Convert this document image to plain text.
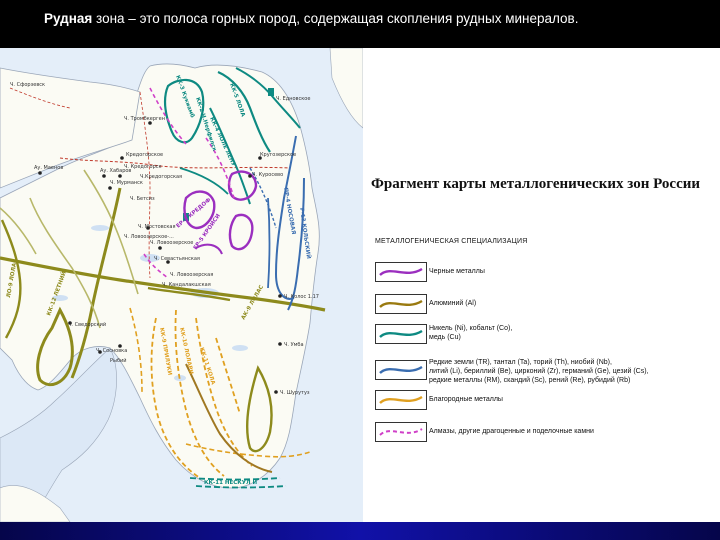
Рудная зона – это полоса горных пород, содержащая скопления рудных минералов.
Ч. Тромбкерген
Ч. Сфорзевск
Ч. Едновское
Кредогорское	Кругозерское
Ч. Кредогорск
Ч.Кредогорская
Ч. Мурманск
Ч. Куросево
Ч. Мостовская
Ч. Бетсиз
Ч. Ловоозерское
Ч. Севастьянская
Ч. Ловоозерская
Ч. Колос 1.17
Ч. Кандалакшская
Ч. Умба
Ч. Сосновка
Ч. Шурутуз
Рыбий
Ау. Маенов	Ау. Хабаров
Ч. Сведорский
Ч. Ловоозерское-...
КК-3 Кукиамб
КК-2 Ч.Нерфилск
ЕР-3 КРЕДОФ
ЕР-5 КРОИСИ	ПР-4 НОСОВАЯ
КК-4 ЛОЛЕ ЛЕНУ
КК-5 ЛОЛА
Р-13 КОЛЬСКИЙ
КК-9 ПРИЛУКИ КК-10 ЛОЛАРИ КК-11 КОЛА
КК-12 ЛЕТНИЙ	АК-9 ЛОЛАС
КК-11 НЕСКУЛ И
ЛО-9 ЛОЛАС
Фрагмент карты металлогенических зон России
МЕТАЛЛОГЕНИЧЕСКАЯ СПЕЦИАЛИЗАЦИЯ
Черные металлы
Алюминий (Al)
Никель (Ni), кобальт (Co),
медь (Cu)
Редкие земли (TR), тантал (Ta), торий (Th), ниобий (Nb),
литий (Li), бериллий (Be), цирконий (Zr), германий (Ge), цезий (Cs),
редкие металлы (RM), скандий (Sc), рений (Re), рубидий (Rb)
Благородные металлы
Алмазы, другие драгоценные и поделочные камни
